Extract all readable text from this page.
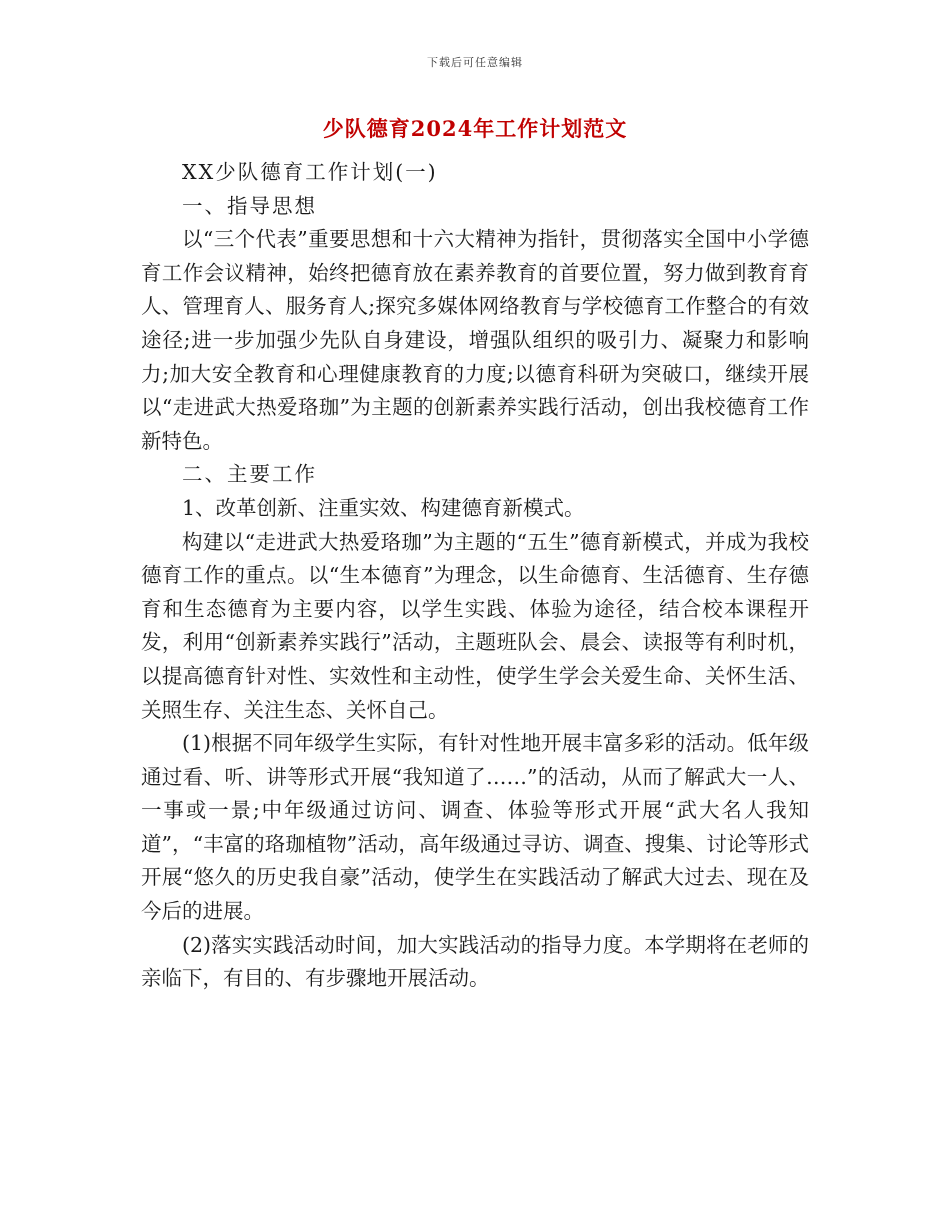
下载后可任意编辑
少队德育2024年工作计划范文

XX少队德育工作计划(一)

一、指导思想

以“三个代表”重要思想和十六大精神为指针，贯彻落实全国中小学德育工作会议精神，始终把德育放在素养教育的首要位置，努力做到教育育人、管理育人、服务育人;探究多媒体网络教育与学校德育工作整合的有效途径;进一步加强少先队自身建设，增强队组织的吸引力、凝聚力和影响力;加大安全教育和心理健康教育的力度;以德育科研为突破口，继续开展以“走进武大热爱珞珈”为主题的创新素养实践行活动，创出我校德育工作新特色。

二、主要工作

1、改革创新、注重实效、构建德育新模式。

构建以“走进武大热爱珞珈”为主题的“五生”德育新模式，并成为我校德育工作的重点。以“生本德育”为理念，以生命德育、生活德育、生存德育和生态德育为主要内容，以学生实践、体验为途径，结合校本课程开发，利用“创新素养实践行”活动，主题班队会、晨会、读报等有利时机，以提高德育针对性、实效性和主动性，使学生学会关爱生命、关怀生活、关照生存、关注生态、关怀自己。

(1)根据不同年级学生实际，有针对性地开展丰富多彩的活动。低年级通过看、听、讲等形式开展“我知道了……”的活动，从而了解武大一人、一事或一景;中年级通过访问、调查、体验等形式开展“武大名人我知道”，“丰富的珞珈植物”活动，高年级通过寻访、调查、搜集、讨论等形式开展“悠久的历史我自豪”活动，使学生在实践活动了解武大过去、现在及今后的进展。

(2)落实实践活动时间，加大实践活动的指导力度。本学期将在老师的亲临下，有目的、有步骤地开展活动。
